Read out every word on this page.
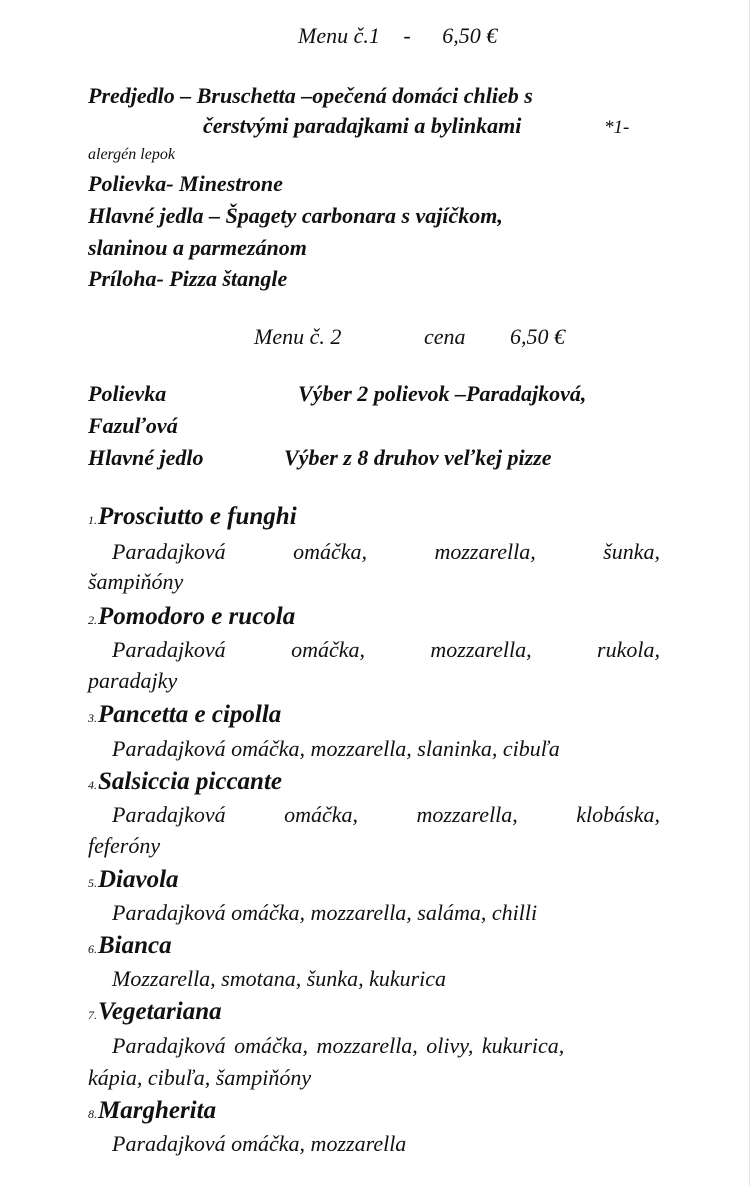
Menu č.1 - 6,50 €
Predjedlo – Bruschetta –opečená domáci chlieb s
čerstvými paradajkami a bylinkami	*1-
alergén lepok
Polievka- Minestrone
Hlavné jedla – Špagety carbonara s vajíčkom,
slaninou a parmezánom
Príloha- Pizza štangle
Menu č. 2	cena 6,50 €
Polievka	Výber 2 polievok –Paradajková,
Fazuľová
Hlavné jedlo	Výber z 8 druhov veľkej pizze
1.Prosciutto e funghi
Paradajková	omáčka,	mozzarella,	šunka,
šampiňóny
2.Pomodoro e rucola
Paradajková	omáčka,	mozzarella,	rukola,
paradajky
3.Pancetta e cipolla
Paradajková omáčka, mozzarella, slaninka, cibuľa
4.Salsiccia piccante
Paradajková	omáčka,	mozzarella,	klobáska,
feferóny
5.Diavola
Paradajková omáčka, mozzarella, saláma, chilli
6.Bianca
Mozzarella, smotana, šunka, kukurica
7.Vegetariana
Paradajková omáčka, mozzarella, olivy, kukurica,
kápia, cibuľa, šampiňóny
8.Margherita
Paradajková omáčka, mozzarella
